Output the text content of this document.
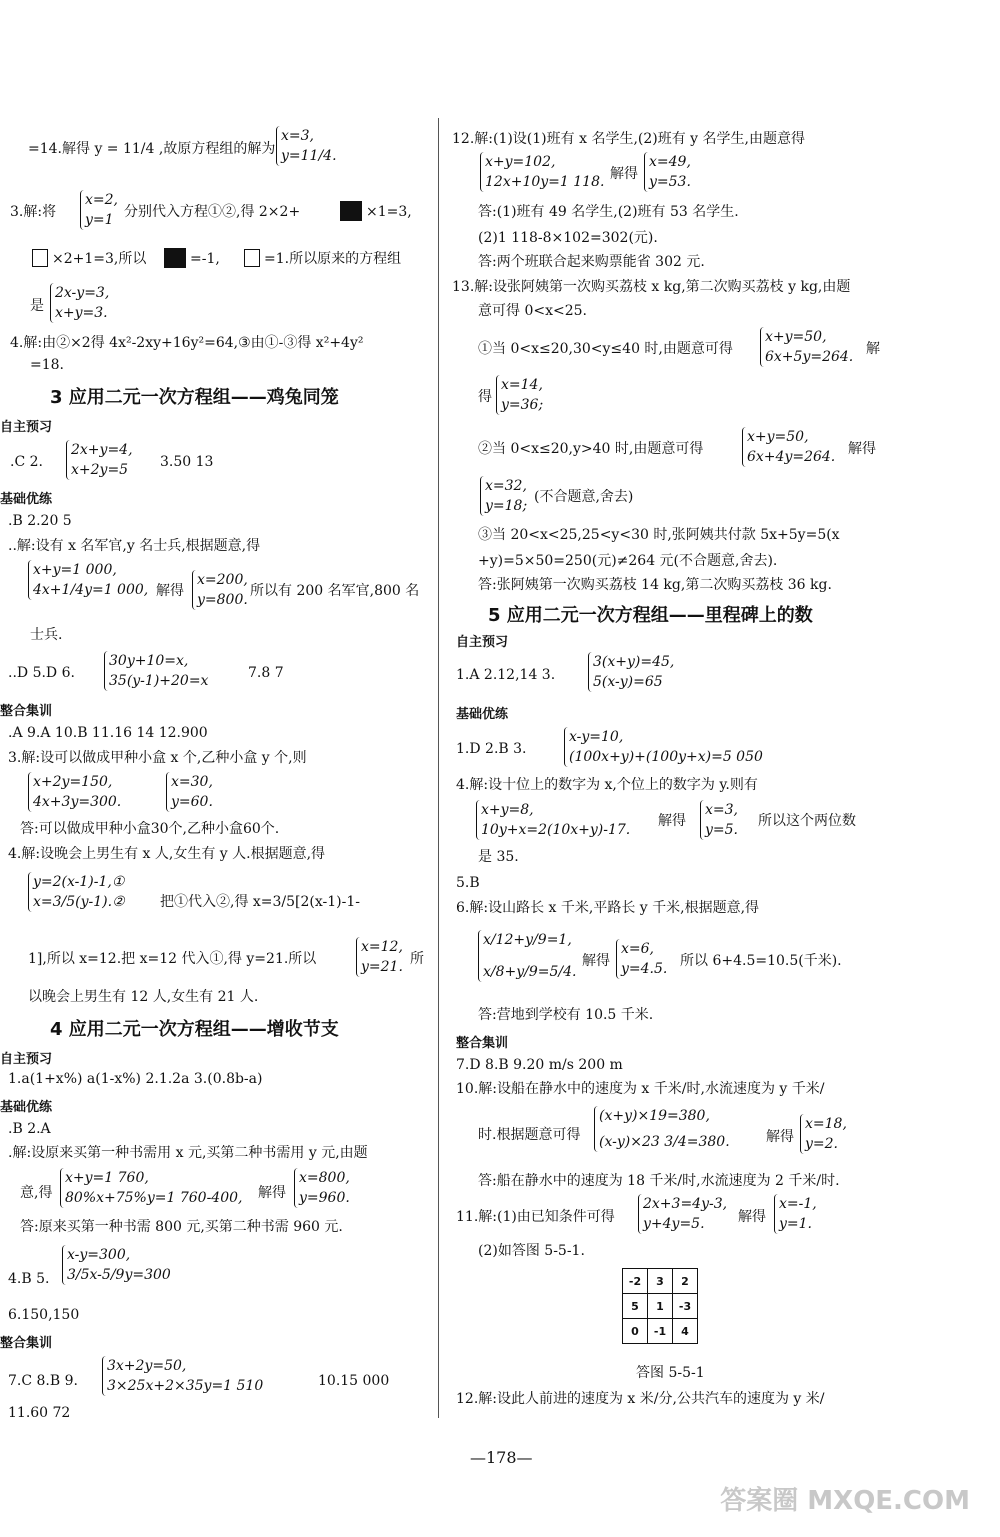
=14.解得 y = 11/4 ,故原方程组的解为
x=3,
y=11/4.
3.解:将
x=2,
y=1 分别代入方程①②,得 2×2+	×1=3,
×2+1=3,所以	=-1,	=1.所以原来的方程组
是
2x-y=3,
x+y=3.
4.解:由②×2得 4x²-2xy+16y²=64,③由①-③得 x²+4y²
=18.
3 应用二元一次方程组——鸡兔同笼
自主预习
.C 2.
2x+y=4,
x+2y=5	3.50 13
基础优练
.B 2.20 5
..解:设有 x 名军官,y 名士兵,根据题意,得
x+y=1 000,
4x+1/4y=1 000, 解得
x=200,
y=800.
所以有 200 名军官,800 名
士兵.
..D 5.D 6.
30y+10=x,
35(y-1)+20=x	7.8 7
整合集训
.A 9.A 10.B 11.16 14 12.900
3.解:设可以做成甲种小盒 x 个,乙种小盒 y 个,则
x+2y=150,
4x+3y=300.
x=30,
y=60.
答:可以做成甲种小盒30个,乙种小盒60个.
4.解:设晚会上男生有 x 人,女生有 y 人.根据题意,得
y=2(x-1)-1,①
x=3/5(y-1).②	把①代入②,得 x=3/5[2(x-1)-1-
1],所以 x=12.把 x=12 代入①,得 y=21.所以
x=12,
y=21. 所
以晚会上男生有 12 人,女生有 21 人.
4 应用二元一次方程组——增收节支
自主预习
1.a(1+x%) a(1-x%) 2.1.2a 3.(0.8b-a)
基础优练
.B 2.A
.解:设原来买第一种书需用 x 元,买第二种书需用 y 元,由题
意,得
x+y=1 760,
80%x+75%y=1 760-400, 解得
x=800,
y=960.
答:原来买第一种书需 800 元,买第二种书需 960 元.
4.B 5.
x-y=300,
3/5x-5/9y=300
6.150,150
整合集训
7.C 8.B 9.
3x+2y=50,
3×25x+2×35y=1 510	10.15 000
11.60 72
12.解:(1)设(1)班有 x 名学生,(2)班有 y 名学生,由题意得
x+y=102,
12x+10y=1 118. 解得
x=49,
y=53.
答:(1)班有 49 名学生,(2)班有 53 名学生.
(2)1 118-8×102=302(元).
答:两个班联合起来购票能省 302 元.
13.解:设张阿姨第一次购买荔枝 x kg,第二次购买荔枝 y kg,由题
意可得 0<x<25.
①当 0<x≤20,30<y≤40 时,由题意可得
x+y=50,
6x+5y=264. 解
得
x=14,
y=36;
②当 0<x≤20,y>40 时,由题意可得
x+y=50,
6x+4y=264. 解得
x=32,
y=18;
(不合题意,舍去)
③当 20<x<25,25<y<30 时,张阿姨共付款 5x+5y=5(x
+y)=5×50=250(元)≠264 元(不合题意,舍去).
答:张阿姨第一次购买荔枝 14 kg,第二次购买荔枝 36 kg.
5 应用二元一次方程组——里程碑上的数
自主预习
1.A 2.12,14 3.
3(x+y)=45,
5(x-y)=65
基础优练
1.D 2.B 3.
x-y=10,
(100x+y)+(100y+x)=5 050
4.解:设十位上的数字为 x,个位上的数字为 y.则有
x+y=8,
10y+x=2(10x+y)-17.
解得
x=3,
y=5.
所以这个两位数
是 35.
5.B
6.解:设山路长 x 千米,平路长 y 千米,根据题意,得
x/12+y/9=1,
x/8+y/9=5/4.
解得
x=6,
y=4.5. 所以 6+4.5=10.5(千米).
答:营地到学校有 10.5 千米.
整合集训
7.D 8.B 9.20 m/s 200 m
10.解:设船在静水中的速度为 x 千米/时,水流速度为 y 千米/
时.根据题意可得
(x+y)×19=380,
(x-y)×23 3/4=380.	解得
x=18,
y=2.
答:船在静水中的速度为 18 千米/时,水流速度为 2 千米/时.
11.解:(1)由已知条件可得
2x+3=4y-3,
y+4y=5.	解得
x=-1,
y=1.
(2)如答图 5-5-1.
-2	3	2
5	1	-3
0	-1	4
答图 5-5-1
12.解:设此人前进的速度为 x 米/分,公共汽车的速度为 y 米/
—178—
答案圈 MXQE.COM
